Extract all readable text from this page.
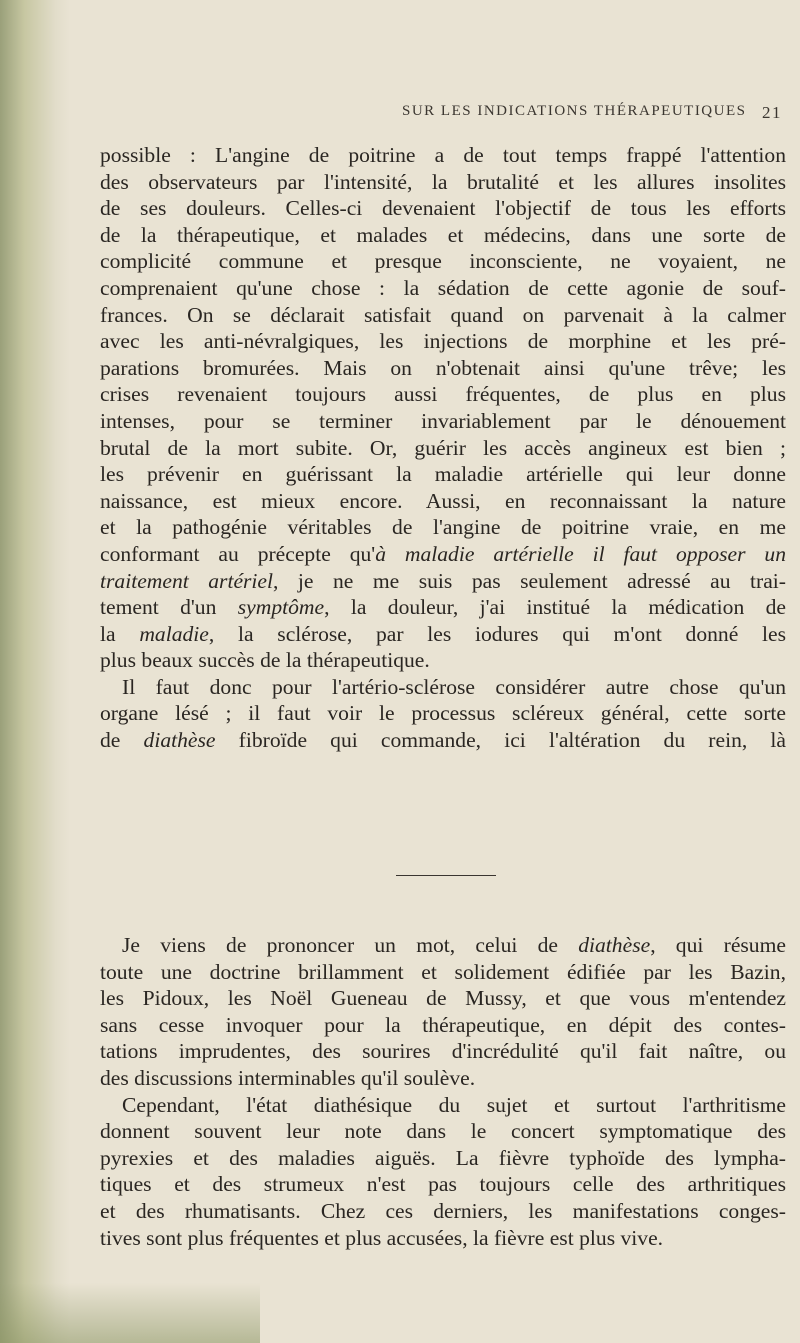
SUR LES INDICATIONS THÉRAPEUTIQUES 21

possible : L'angine de poitrine a de tout temps frappé l'attention

des observateurs par l'intensité, la brutalité et les allures insolites

de ses douleurs. Celles-ci devenaient l'objectif de tous les efforts

de la thérapeutique, et malades et médecins, dans une sorte de

complicité commune et presque inconsciente, ne voyaient, ne

comprenaient qu'une chose : la sédation de cette agonie de souf-

frances. On se déclarait satisfait quand on parvenait à la calmer

avec les anti-névralgiques, les injections de morphine et les pré-

parations bromurées. Mais on n'obtenait ainsi qu'une trêve; les

crises revenaient toujours aussi fréquentes, de plus en plus

intenses, pour se terminer invariablement par le dénouement

brutal de la mort subite. Or, guérir les accès angineux est bien ;

les prévenir en guérissant la maladie artérielle qui leur donne

naissance, est mieux encore. Aussi, en reconnaissant la nature

et la pathogénie véritables de l'angine de poitrine vraie, en me

conformant au précepte qu'à maladie artérielle il faut opposer un

traitement artériel, je ne me suis pas seulement adressé au trai-

tement d'un symptôme, la douleur, j'ai institué la médication de

la maladie, la sclérose, par les iodures qui m'ont donné les

plus beaux succès de la thérapeutique.

Il faut donc pour l'artério-sclérose considérer autre chose qu'un

organe lésé ; il faut voir le processus scléreux général, cette sorte

de diathèse fibroïde qui commande, ici l'altération du rein, là

Je viens de prononcer un mot, celui de diathèse, qui résume

toute une doctrine brillamment et solidement édifiée par les Bazin,

les Pidoux, les Noël Gueneau de Mussy, et que vous m'entendez

sans cesse invoquer pour la thérapeutique, en dépit des contes-

tations imprudentes, des sourires d'incrédulité qu'il fait naître, ou

des discussions interminables qu'il soulève.

Cependant, l'état diathésique du sujet et surtout l'arthritisme

donnent souvent leur note dans le concert symptomatique des

pyrexies et des maladies aiguës. La fièvre typhoïde des lympha-

tiques et des strumeux n'est pas toujours celle des arthritiques

et des rhumatisants. Chez ces derniers, les manifestations conges-

tives sont plus fréquentes et plus accusées, la fièvre est plus vive.
